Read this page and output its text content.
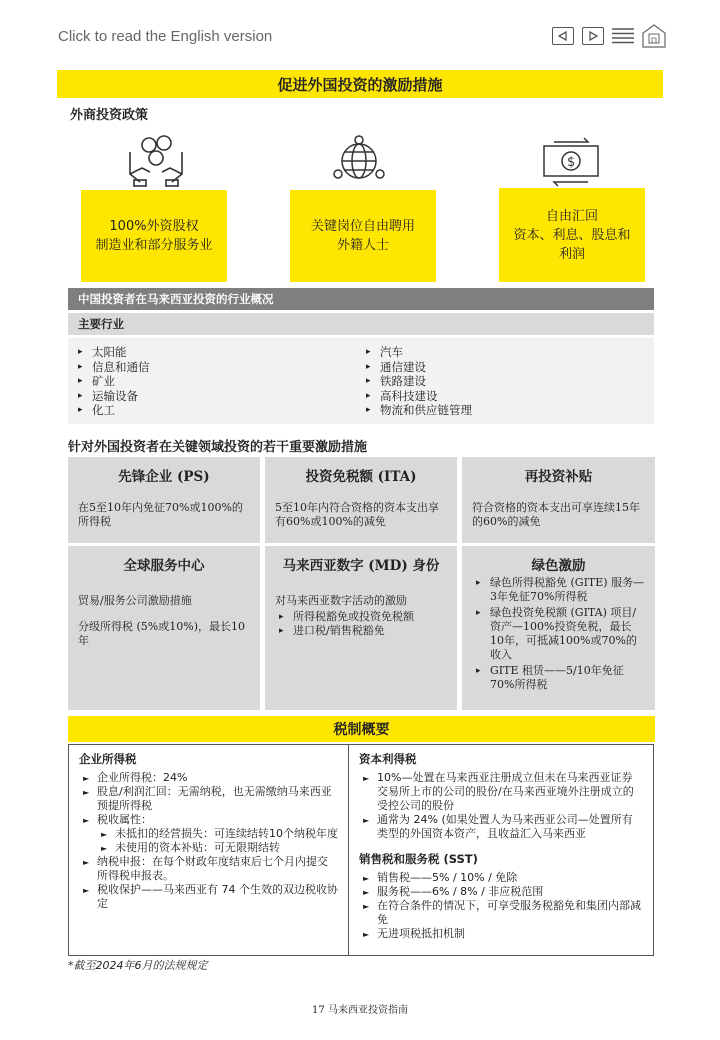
Click to read the English version
促进外国投资的激励措施
外商投资政策
$
100%外资股权
制造业和部分服务业
关键岗位自由聘用
外籍人士
自由汇回
资本、利息、股息和
利润
中国投资者在马来西亚投资的行业概况
主要行业
▸ 太阳能
▸ 信息和通信
▸ 矿业
▸ 运输设备
▸ 化工
▸ 汽车
▸ 通信建设
▸ 铁路建设
▸ 高科技建设
▸ 物流和供应链管理
针对外国投资者在关键领域投资的若干重要激励措施
先锋企业 (PS)

在5至10年内免征70%或100%的所得税

投资免税额 (ITA)

5至10年内符合资格的资本支出享有60%或100%的减免

再投资补贴

符合资格的资本支出可享连续15年的60%的减免

全球服务中心

贸易/服务公司激励措施

分级所得税 (5%或10%)，最长10年

马来西亚数字 (MD) 身份

对马来西亚数字活动的激励

▸ 所得税豁免或投资免税额
▸ 进口税/销售税豁免
绿色激励
▸ 绿色所得税豁免 (GITE) 服务—3年免征70%所得税
▸ 绿色投资免税额 (GITA) 项目/资产—100%投资免税，最长10年，可抵减100%或70%的收入
▸ GITE 租赁——5/10年免征70%所得税
税制概要
企业所得税
► 企业所得税：24%
► 股息/利润汇回：无需纳税，也无需缴纳马来西亚预提所得税
► 税收属性：
► 未抵扣的经营损失：可连续结转10个纳税年度
► 未使用的资本补贴：可无限期结转
► 纳税申报：在每个财政年度结束后七个月内提交所得税申报表。
► 税收保护——马来西亚有 74 个生效的双边税收协定
资本利得税
► 10%—处置在马来西亚注册成立但未在马来西亚证券交易所上市的公司的股份/在马来西亚境外注册成立的受控公司的股份
► 通常为 24% (如果处置人为马来西亚公司—处置所有类型的外国资本资产，且收益汇入马来西亚
销售税和服务税 (SST)
► 销售税——5% / 10% / 免除
► 服务税——6% / 8% / 非应税范围
► 在符合条件的情况下，可享受服务税豁免和集团内部减免
► 无进项税抵扣机制
*截至2024年6月的法规规定
17 马来西亚投资指南
